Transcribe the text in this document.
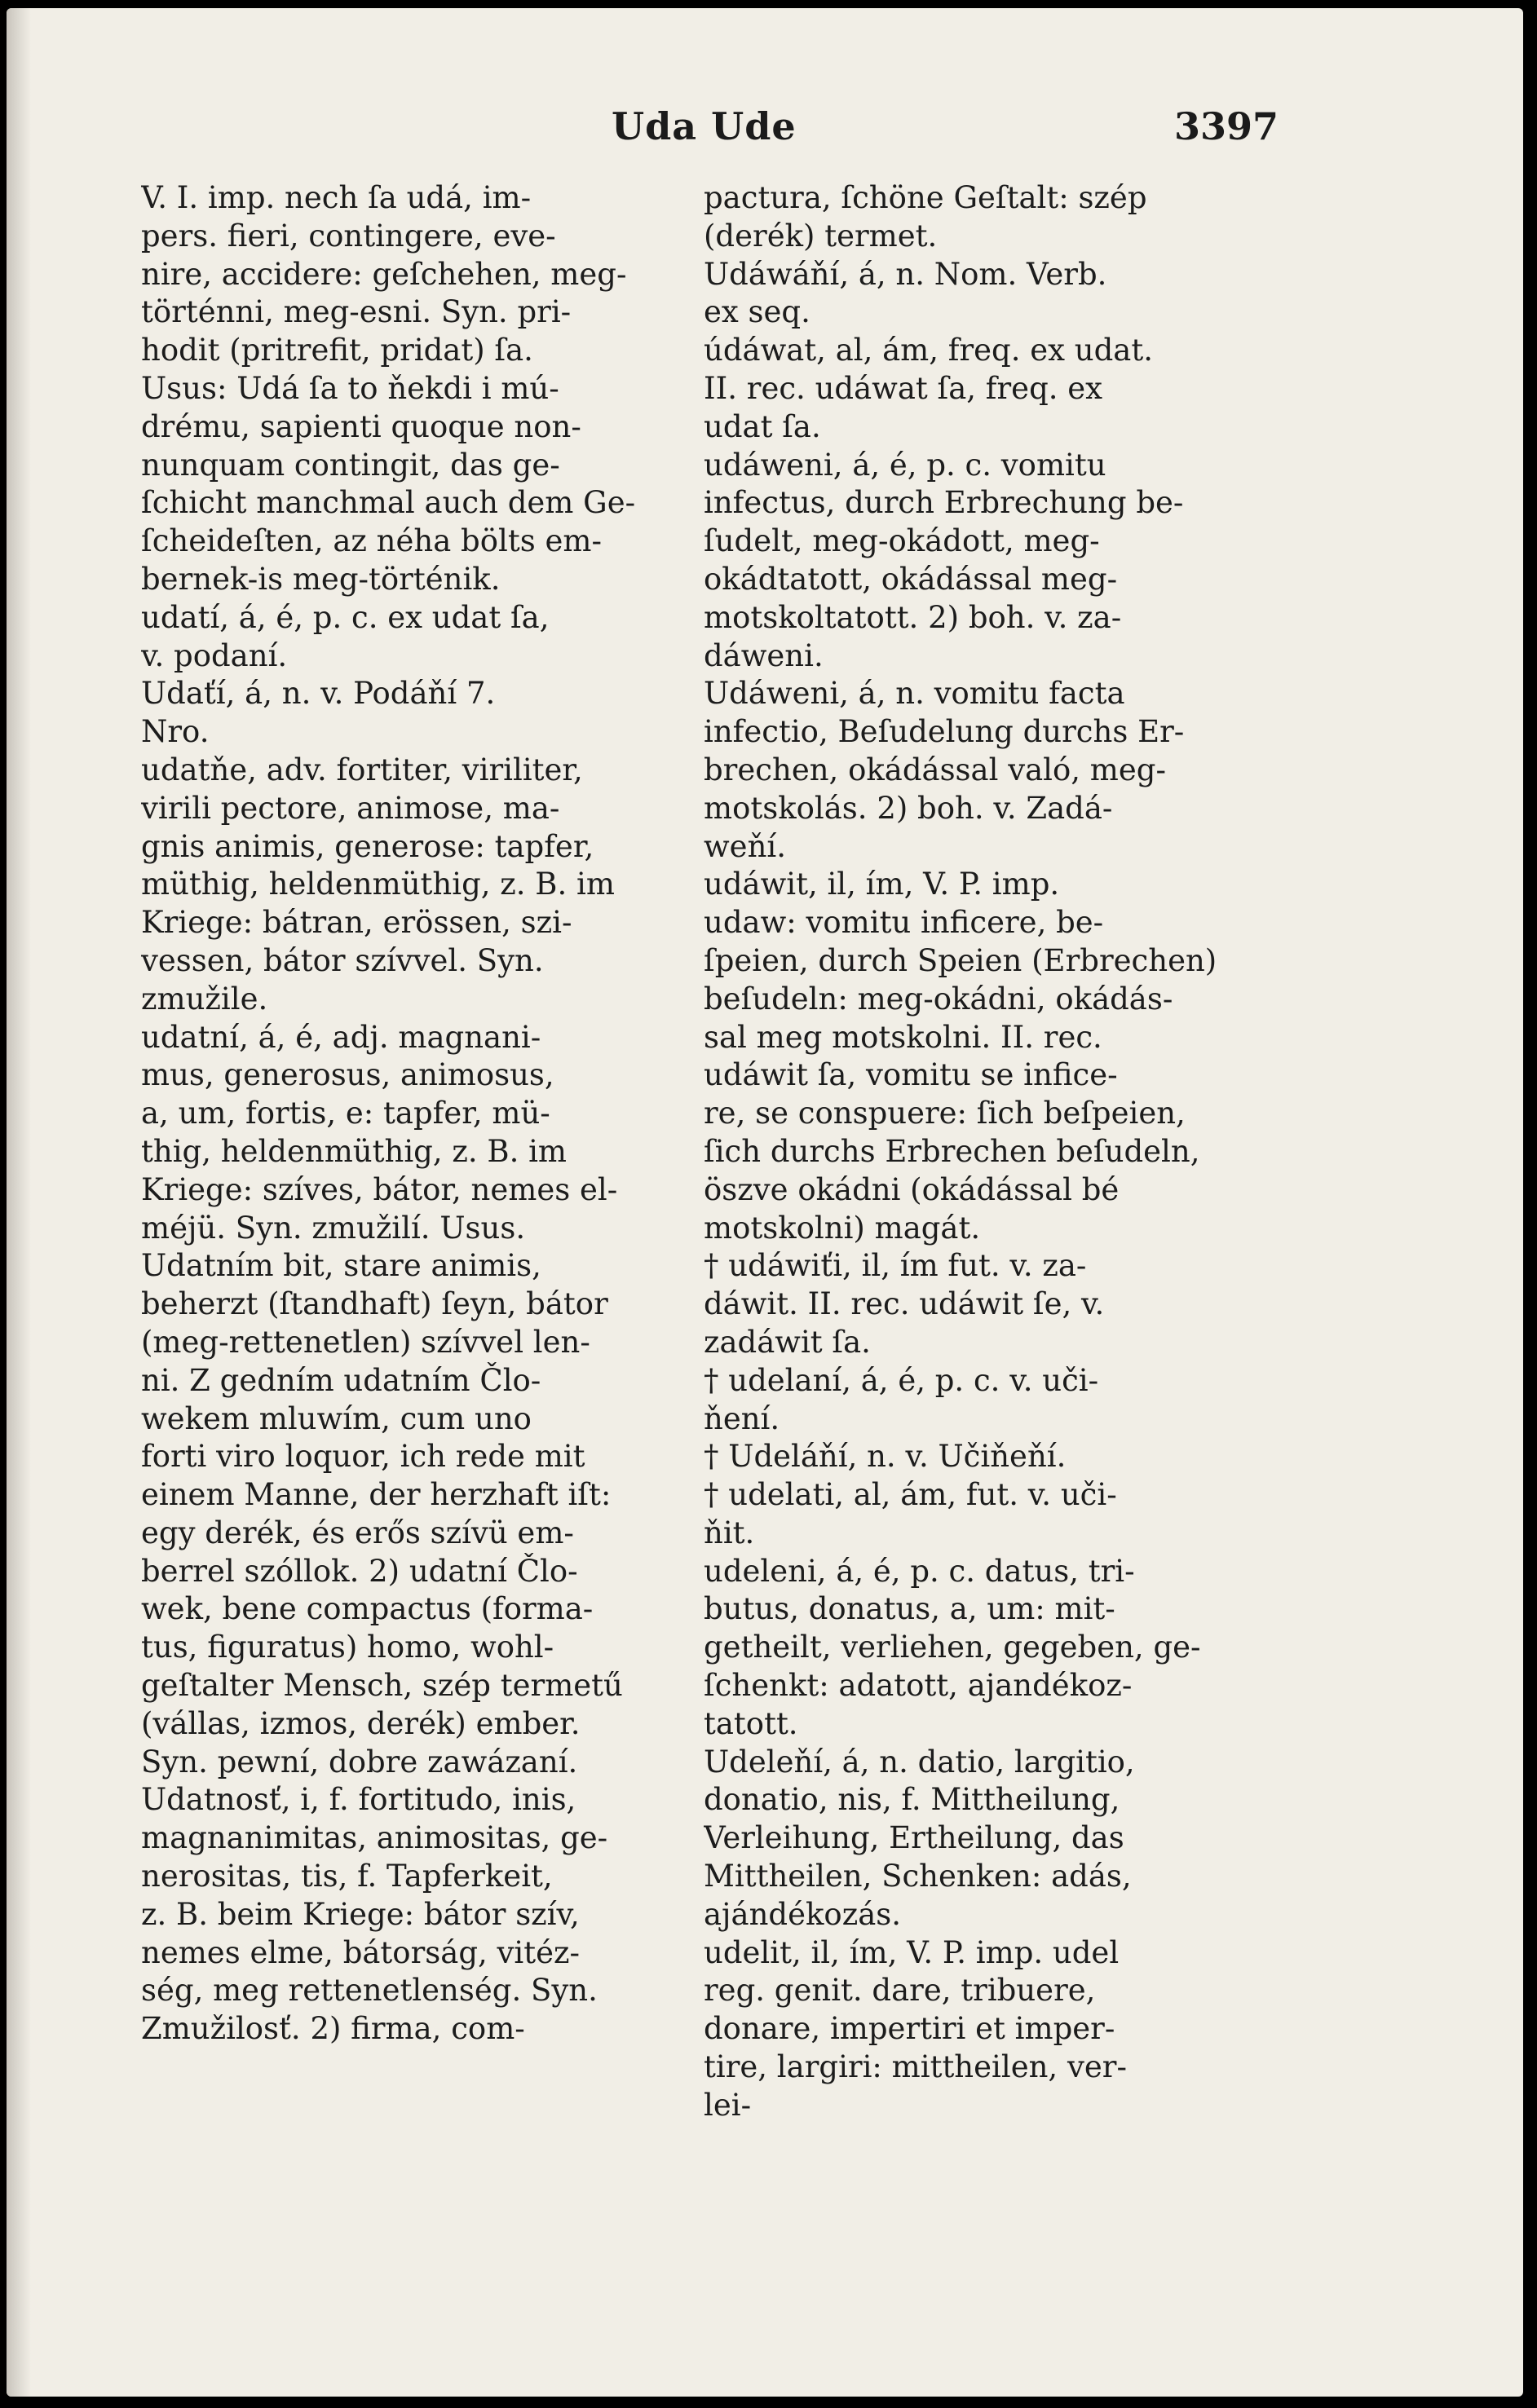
Uda Ude	3397
V. I. imp. nech ſa udá, im-
pers. fieri, contingere, eve-
nire, accidere: geſchehen, meg-
történni, meg-esni. Syn. pri-
hodit (pritrefit, pridat) ſa.
Usus: Udá ſa to ňekdi i mú-
drému, sapienti quoque non-
nunquam contingit, das ge-
ſchicht manchmal auch dem Ge-
ſcheideſten, az néha bölts em-
bernek-is meg-történik.
udatí, á, é, p. c. ex udat ſa,
v. podaní.
Udaťí, á, n. v. Podáňí 7.
Nro.
udatňe, adv. fortiter, viriliter,
virili pectore, animose, ma-
gnis animis, generose: tapfer,
müthig, heldenmüthig, z. B. im
Kriege: bátran, erössen, szi-
vessen, bátor szívvel. Syn.
zmužile.
udatní, á, é, adj. magnani-
mus, generosus, animosus,
a, um, fortis, e: tapfer, mü-
thig, heldenmüthig, z. B. im
Kriege: szíves, bátor, nemes el-
méjü. Syn. zmužilí. Usus.
Udatním bit, stare animis,
beherzt (ſtandhaft) ſeyn, bátor
(meg-rettenetlen) szívvel len-
ni. Z gedním udatním Člo-
wekem mluwím, cum uno
forti viro loquor, ich rede mit
einem Manne, der herzhaft iſt:
egy derék, és erős szívü em-
berrel szóllok. 2) udatní Člo-
wek, bene compactus (forma-
tus, figuratus) homo, wohl-
geſtalter Mensch, szép termetű
(vállas, izmos, derék) ember.
Syn. pewní, dobre zawázaní.
Udatnosť, i, f. fortitudo, inis,
magnanimitas, animositas, ge-
nerositas, tis, f. Tapferkeit,
z. B. beim Kriege: bátor szív,
nemes elme, bátorság, vitéz-
ség, meg rettenetlenség. Syn.
Zmužilosť. 2) firma, com-
pactura, ſchöne Geſtalt: szép
(derék) termet.
Udáwáňí, á, n. Nom. Verb.
ex seq.
údáwat, al, ám, freq. ex udat.
II. rec. udáwat ſa, freq. ex
udat ſa.
udáweni, á, é, p. c. vomitu
infectus, durch Erbrechung be-
ſudelt, meg-okádott, meg-
okádtatott, okádással meg-
motskoltatott. 2) boh. v. za-
dáweni.
Udáweni, á, n. vomitu facta
infectio, Beſudelung durchs Er-
brechen, okádással való, meg-
motskolás. 2) boh. v. Zadá-
weňí.
udáwit, il, ím, V. P. imp.
udaw: vomitu inficere, be-
ſpeien, durch Speien (Erbrechen)
beſudeln: meg-okádni, okádás-
sal meg motskolni. II. rec.
udáwit ſa, vomitu se infice-
re, se conspuere: ſich beſpeien,
ſich durchs Erbrechen beſudeln,
öszve okádni (okádással bé
motskolni) magát.
† udáwiťi, il, ím fut. v. za-
dáwit. II. rec. udáwit ſe, v.
zadáwit ſa.
† udelaní, á, é, p. c. v. uči-
ňení.
† Udeláňí, n. v. Učiňeňí.
† udelati, al, ám, fut. v. uči-
ňit.
udeleni, á, é, p. c. datus, tri-
butus, donatus, a, um: mit-
getheilt, verliehen, gegeben, ge-
ſchenkt: adatott, ajandékoz-
tatott.
Udeleňí, á, n. datio, largitio,
donatio, nis, f. Mittheilung,
Verleihung, Ertheilung, das
Mittheilen, Schenken: adás,
ajándékozás.
udelit, il, ím, V. P. imp. udel
reg. genit. dare, tribuere,
donare, impertiri et imper-
tire, largiri: mittheilen, ver-
lei-
